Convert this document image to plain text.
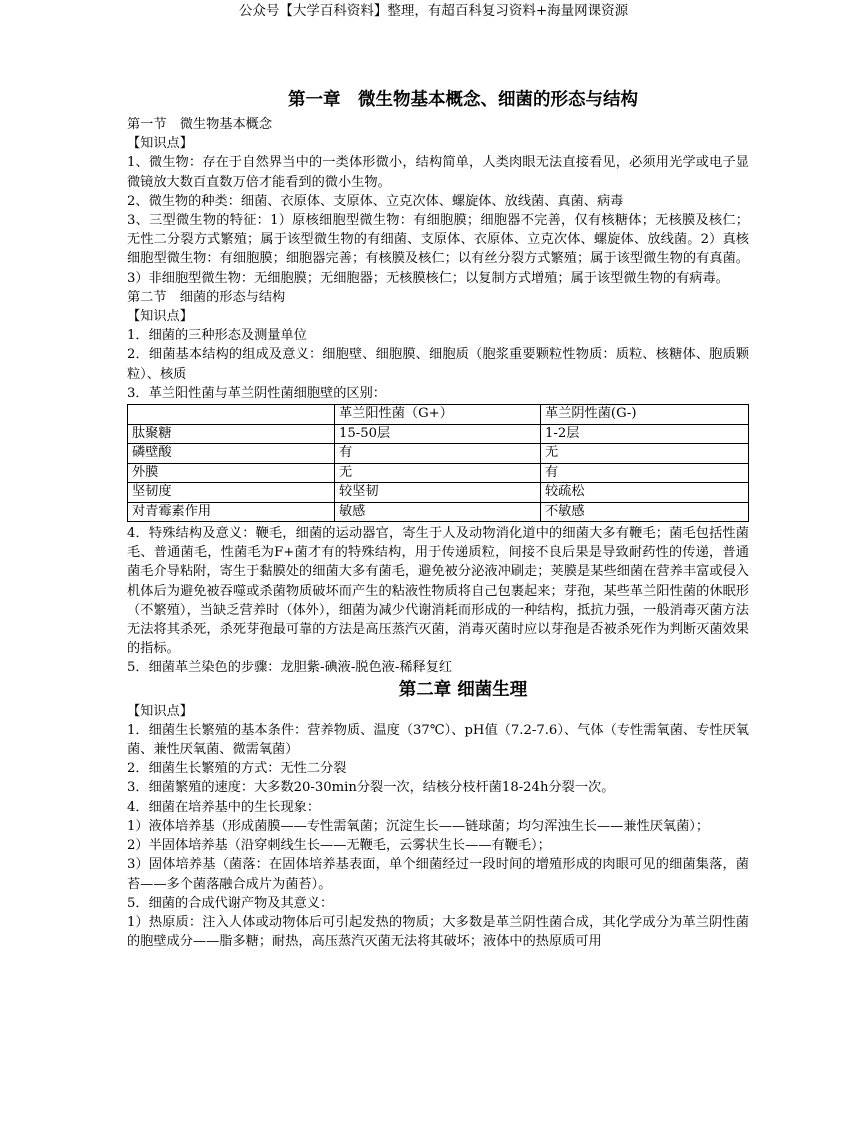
公众号【大学百科资料】整理，有超百科复习资料+海量网课资源
第一章　微生物基本概念、细菌的形态与结构

第一节　微生物基本概念

【知识点】

1、微生物：存在于自然界当中的一类体形微小，结构简单，人类肉眼无法直接看见，必须用光学或电子显微镜放大数百直数万倍才能看到的微小生物。

2、微生物的种类：细菌、衣原体、支原体、立克次体、螺旋体、放线菌、真菌、病毒

3、三型微生物的特征：1）原核细胞型微生物：有细胞膜；细胞器不完善，仅有核糖体；无核膜及核仁；无性二分裂方式繁殖；属于该型微生物的有细菌、支原体、衣原体、立克次体、螺旋体、放线菌。2）真核细胞型微生物：有细胞膜；细胞器完善；有核膜及核仁；以有丝分裂方式繁殖；属于该型微生物的有真菌。3）非细胞型微生物：无细胞膜；无细胞器；无核膜核仁；以复制方式增殖；属于该型微生物的有病毒。

第二节　细菌的形态与结构

【知识点】

1．细菌的三种形态及测量单位

2．细菌基本结构的组成及意义：细胞壁、细胞膜、细胞质（胞浆重要颗粒性物质：质粒、核糖体、胞质颗粒）、核质

3．革兰阳性菌与革兰阴性菌细胞壁的区别：

	革兰阳性菌（G+）	革兰阴性菌(G-)
肽聚糖	15-50层	1-2层
磷壁酸	有	无
外膜	无	有
坚韧度	较坚韧	较疏松
对青霉素作用	敏感	不敏感

4．特殊结构及意义：鞭毛，细菌的运动器官，寄生于人及动物消化道中的细菌大多有鞭毛；菌毛包括性菌毛、普通菌毛，性菌毛为F+菌才有的特殊结构，用于传递质粒，间接不良后果是导致耐药性的传递，普通菌毛介导粘附，寄生于黏膜处的细菌大多有菌毛，避免被分泌液冲刷走；荚膜是某些细菌在营养丰富或侵入机体后为避免被吞噬或杀菌物质破坏而产生的粘液性物质将自己包裹起来；芽孢，某些革兰阳性菌的休眠形（不繁殖），当缺乏营养时（体外），细菌为减少代谢消耗而形成的一种结构，抵抗力强，一般消毒灭菌方法无法将其杀死，杀死芽孢最可靠的方法是高压蒸汽灭菌，消毒灭菌时应以芽孢是否被杀死作为判断灭菌效果的指标。

5．细菌革兰染色的步骤：龙胆紫-碘液-脱色液-稀释复红

第二章 细菌生理

【知识点】

1．细菌生长繁殖的基本条件：营养物质、温度（37℃）、pH值（7.2-7.6）、气体（专性需氧菌、专性厌氧菌、兼性厌氧菌、微需氧菌）

2．细菌生长繁殖的方式：无性二分裂

3．细菌繁殖的速度：大多数20-30min分裂一次，结核分枝杆菌18-24h分裂一次。

4．细菌在培养基中的生长现象：

1）液体培养基（形成菌膜——专性需氧菌；沉淀生长——链球菌；均匀浑浊生长——兼性厌氧菌）；

2）半固体培养基（沿穿刺线生长——无鞭毛，云雾状生长——有鞭毛）；

3）固体培养基（菌落：在固体培养基表面，单个细菌经过一段时间的增殖形成的肉眼可见的细菌集落，菌苔——多个菌落融合成片为菌苔）。

5．细菌的合成代谢产物及其意义：

1）热原质：注入人体或动物体后可引起发热的物质；大多数是革兰阴性菌合成，其化学成分为革兰阴性菌的胞壁成分——脂多糖；耐热，高压蒸汽灭菌无法将其破坏；液体中的热原质可用
